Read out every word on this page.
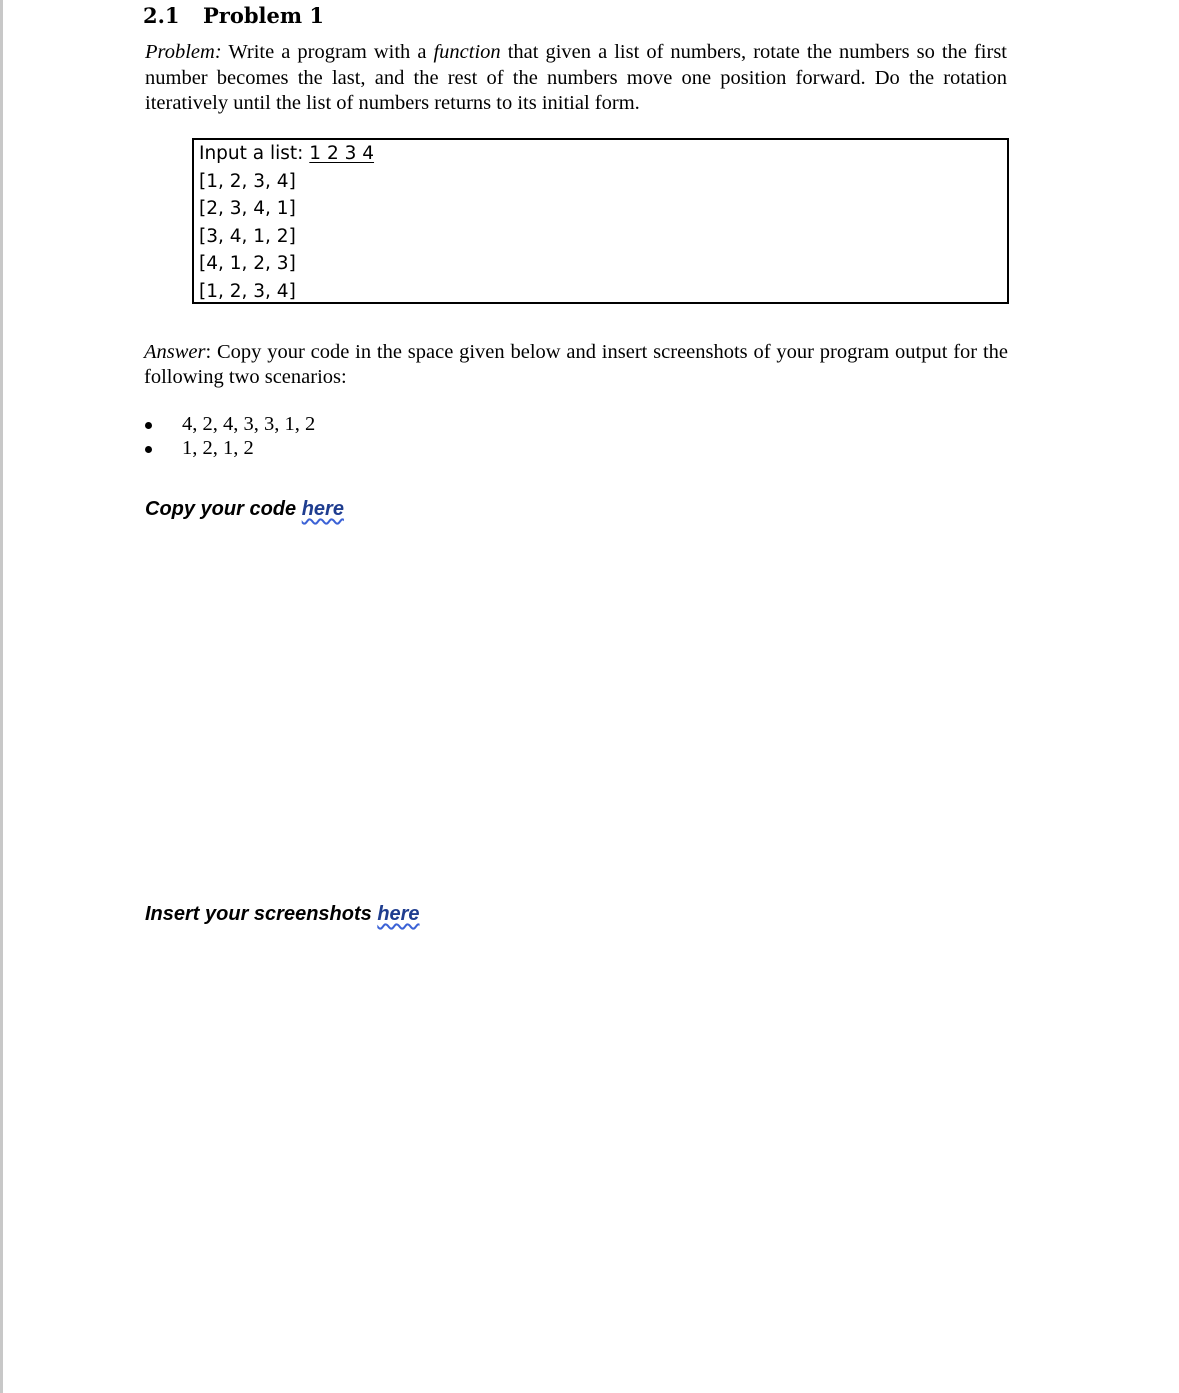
2.1 Problem 1
Problem: Write a program with a function that given a list of numbers, rotate the numbers so the first number becomes the last, and the rest of the numbers move one position forward. Do the rotation iteratively until the list of numbers returns to its initial form.
Input a list: 1 2 3 4
[1, 2, 3, 4]
[2, 3, 4, 1]
[3, 4, 1, 2]
[4, 1, 2, 3]
[1, 2, 3, 4]
Answer: Copy your code in the space given below and insert screenshots of your program output for the following two scenarios:
4, 2, 4, 3, 3, 1, 2
1, 2, 1, 2
Copy your code here
Insert your screenshots here
